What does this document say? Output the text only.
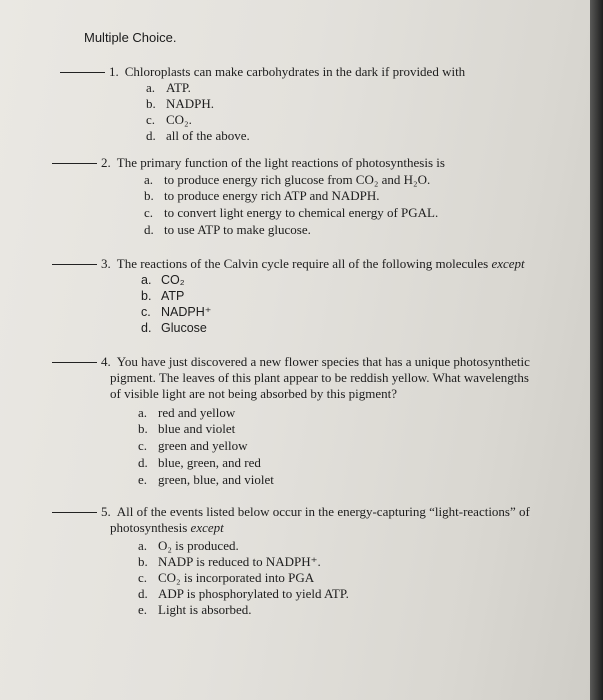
Multiple Choice.
1. Chloroplasts can make carbohydrates in the dark if provided with
a. ATP.
b. NADPH.
c. CO₂.
d. all of the above.
2. The primary function of the light reactions of photosynthesis is
a. to produce energy rich glucose from CO₂ and H₂O.
b. to produce energy rich ATP and NADPH.
c. to convert light energy to chemical energy of PGAL.
d. to use ATP to make glucose.
3. The reactions of the Calvin cycle require all of the following molecules except
a. CO₂
b. ATP
c. NADPH⁺
d. Glucose
4. You have just discovered a new flower species that has a unique photosynthetic
pigment. The leaves of this plant appear to be reddish yellow. What wavelengths
of visible light are not being absorbed by this pigment?
a. red and yellow
b. blue and violet
c. green and yellow
d. blue, green, and red
e. green, blue, and violet
5. All of the events listed below occur in the energy-capturing “light-reactions” of
photosynthesis except
a. O₂ is produced.
b. NADP is reduced to NADPH⁺.
c. CO₂ is incorporated into PGA
d. ADP is phosphorylated to yield ATP.
e. Light is absorbed.
